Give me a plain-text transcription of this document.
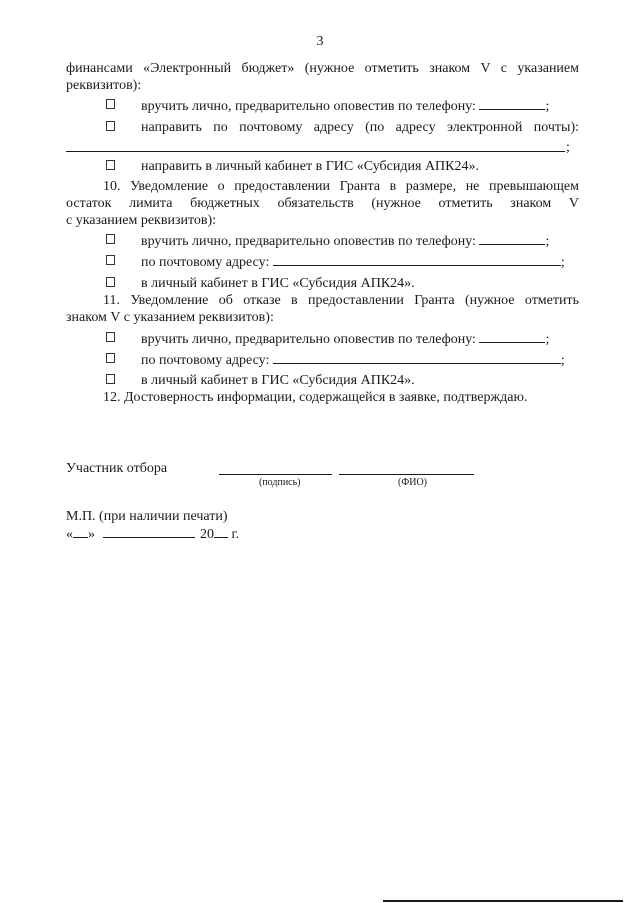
3
финансами «Электронный бюджет» (нужное отметить знаком V с указанием
реквизитов):
вручить лично, предварительно оповестив по телефону:	;
направить по почтовому адресу (по адресу электронной почты):
;
направить в личный кабинет в ГИС «Субсидия АПК24».
10. Уведомление о предоставлении Гранта в размере, не превышающем
остаток лимита бюджетных обязательств (нужное отметить знаком V
с указанием реквизитов):
вручить лично, предварительно оповестив по телефону:	;
по почтовому адресу:	;
в личный кабинет в ГИС «Субсидия АПК24».
11. Уведомление об отказе в предоставлении Гранта (нужное отметить
знаком V с указанием реквизитов):
вручить лично, предварительно оповестив по телефону:	;
по почтовому адресу:	;
в личный кабинет в ГИС «Субсидия АПК24».
12. Достоверность информации, содержащейся в заявке, подтверждаю.
Участник отбора
(подпись)	(ФИО)
М.П. (при наличии печати)
« »	20 г.
